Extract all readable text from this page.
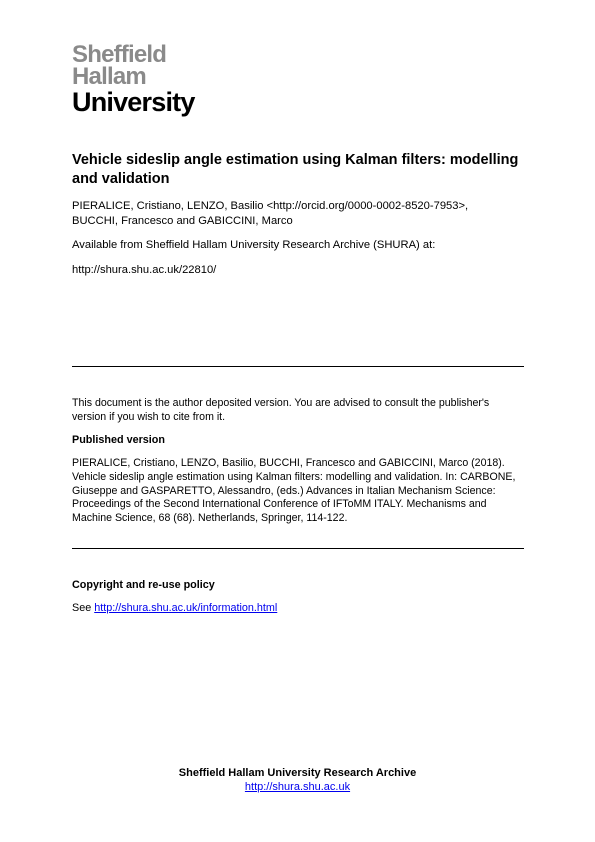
Sheffield
Hallam
University
Vehicle sideslip angle estimation using Kalman filters: modelling and validation
PIERALICE, Cristiano, LENZO, Basilio <http://orcid.org/0000-0002-8520-7953>, BUCCHI, Francesco and GABICCINI, Marco
Available from Sheffield Hallam University Research Archive (SHURA) at:
http://shura.shu.ac.uk/22810/
This document is the author deposited version. You are advised to consult the publisher's version if you wish to cite from it.
Published version
PIERALICE, Cristiano, LENZO, Basilio, BUCCHI, Francesco and GABICCINI, Marco (2018). Vehicle sideslip angle estimation using Kalman filters: modelling and validation. In: CARBONE, Giuseppe and GASPARETTO, Alessandro, (eds.) Advances in Italian Mechanism Science: Proceedings of the Second International Conference of IFToMM ITALY. Mechanisms and Machine Science, 68 (68). Netherlands, Springer, 114-122.
Copyright and re-use policy
See http://shura.shu.ac.uk/information.html
Sheffield Hallam University Research Archive
http://shura.shu.ac.uk
